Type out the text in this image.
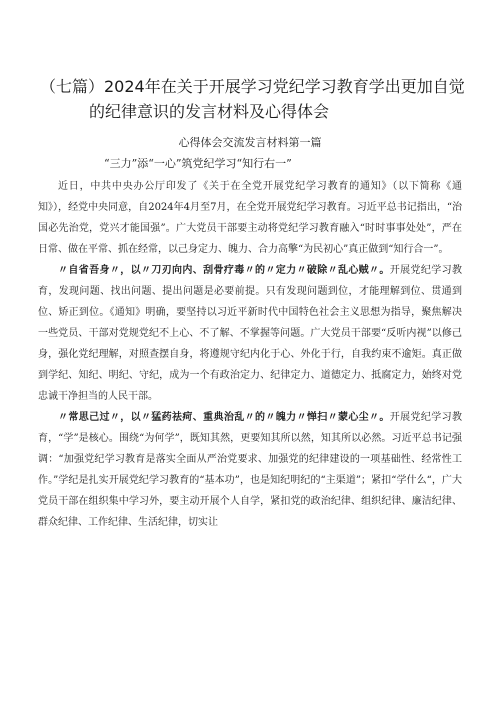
（七篇）2024年在关于开展学习党纪学习教育学出更加自觉
的纪律意识的发言材料及心得体会
心得体会交流发言材料第一篇
“三力”添“一心”筑党纪学习“知行右一”

近日，中共中央办公厅印发了《关于在全党开展党纪学习教育的通知》（以下简称《通知》），经党中央同意，自2024年4月至7月，在全党开展党纪学习教育。习近平总书记指出，“治国必先治党，党兴才能国强”。广大党员干部要主动将党纪学习教育融入“时时事事处处”，严在日常、做在平常、抓在经常，以己身定力、魄力、合力高擎“为民初心”真正做到“知行合一”。

〃自省吾身〃，以〃刀刃向内、刮骨疗毒〃的〃定力〃破除〃乱心贼〃。开展党纪学习教育，发现问题、找出问题、提出问题是必要前提。只有发现问题到位，才能理解到位、贯通到位、矫正到位。《通知》明确，要坚持以习近平新时代中国特色社会主义思想为指导，聚焦解决一些党员、干部对党规党纪不上心、不了解、不掌握等问题。广大党员干部要“反听内视”以修己身，强化党纪理解，对照查摆自身，将遵规守纪内化于心、外化于行，自我约束不逾矩。真正做到学纪、知纪、明纪、守纪，成为一个有政治定力、纪律定力、道德定力、抵腐定力，始终对党忠诚干净担当的人民干部。

〃常思己过〃，以〃猛药祛疴、重典治乱〃的〃魄力〃惮扫〃蒙心尘〃。开展党纪学习教育，“学”是核心。围绕“为何学”，既知其然，更要知其所以然，知其所以必然。习近平总书记强调：“加强党纪学习教育是落实全面从严治党要求、加强党的纪律建设的一项基础性、经常性工作。”学纪是扎实开展党纪学习教育的“基本功”，也是知纪明纪的“主渠道”；紧扣“学什么“，广大党员干部在组织集中学习外，要主动开展个人自学，紧扣党的政治纪律、组织纪律、廉洁纪律、群众纪律、工作纪律、生活纪律，切实让
